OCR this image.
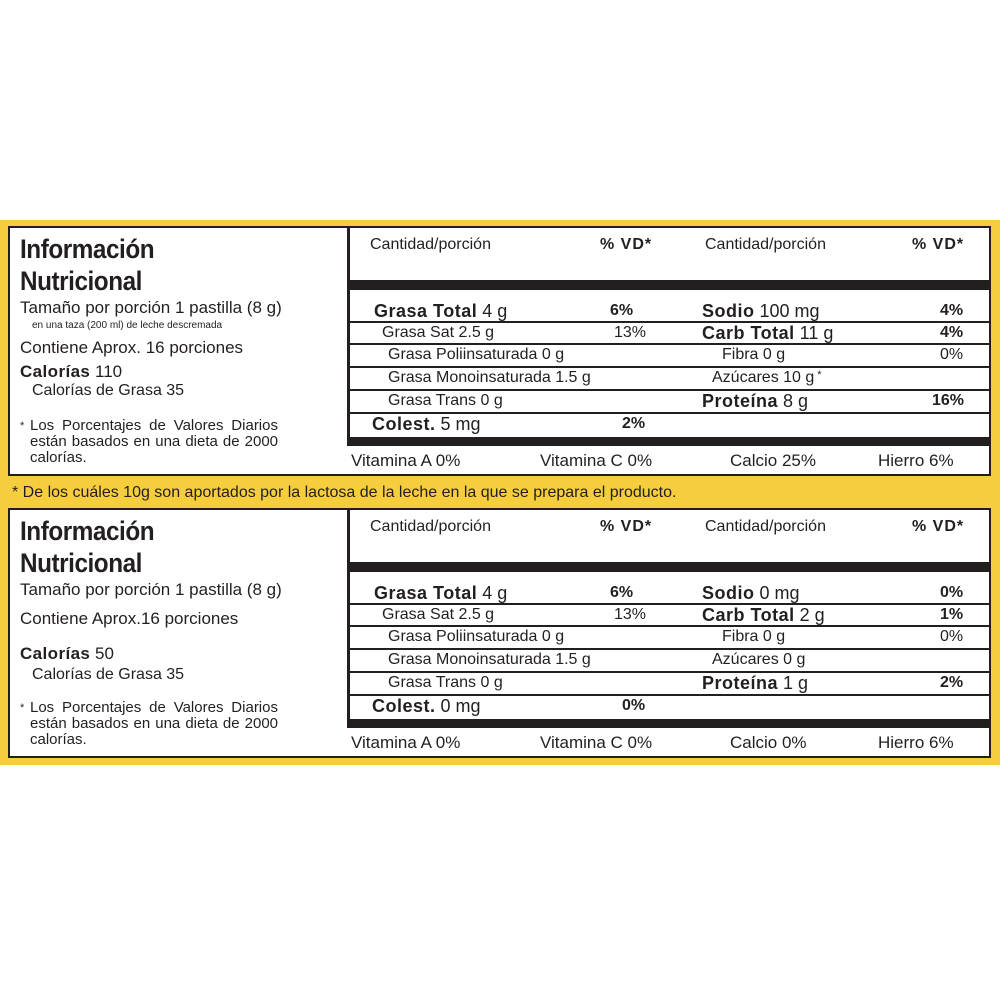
Información
Nutricional
Tamaño por porción 1 pastilla (8 g)
en una taza (200 ml) de leche descremada
Contiene Aprox. 16 porciones
Calorías 110
Calorías de Grasa 35
* Los Porcentajes de Valores Diarios están basados en una dieta de 2000 calorías.
Cantidad/porción	% VD*	Cantidad/porción	% VD*
Grasa Total 4 g	6%	Sodio 100 mg	4%
Grasa Sat 2.5 g	13%	Carb Total 11 g	4%
Grasa Poliinsaturada 0 g	Fibra 0 g	0%
Grasa Monoinsaturada 1.5 g	Azúcares 10 g *
Grasa Trans 0 g	Proteína 8 g	16%
Colest. 5 mg	2%
Vitamina A 0%	Vitamina C 0%	Calcio 25%	Hierro 6%
* De los cuáles 10g son aportados por la lactosa de la leche en la que se prepara el producto.
Información
Nutricional
Tamaño por porción 1 pastilla (8 g)
Contiene Aprox.16 porciones
Calorías 50
Calorías de Grasa 35
* Los Porcentajes de Valores Diarios están basados en una dieta de 2000 calorías.
Cantidad/porción	% VD*	Cantidad/porción	% VD*
Grasa Total 4 g	6%	Sodio 0 mg	0%
Grasa Sat 2.5 g	13%	Carb Total 2 g	1%
Grasa Poliinsaturada 0 g	Fibra 0 g	0%
Grasa Monoinsaturada 1.5 g	Azúcares 0 g
Grasa Trans 0 g	Proteína 1 g	2%
Colest. 0 mg	0%
Vitamina A 0%	Vitamina C 0%	Calcio 0%	Hierro 6%
